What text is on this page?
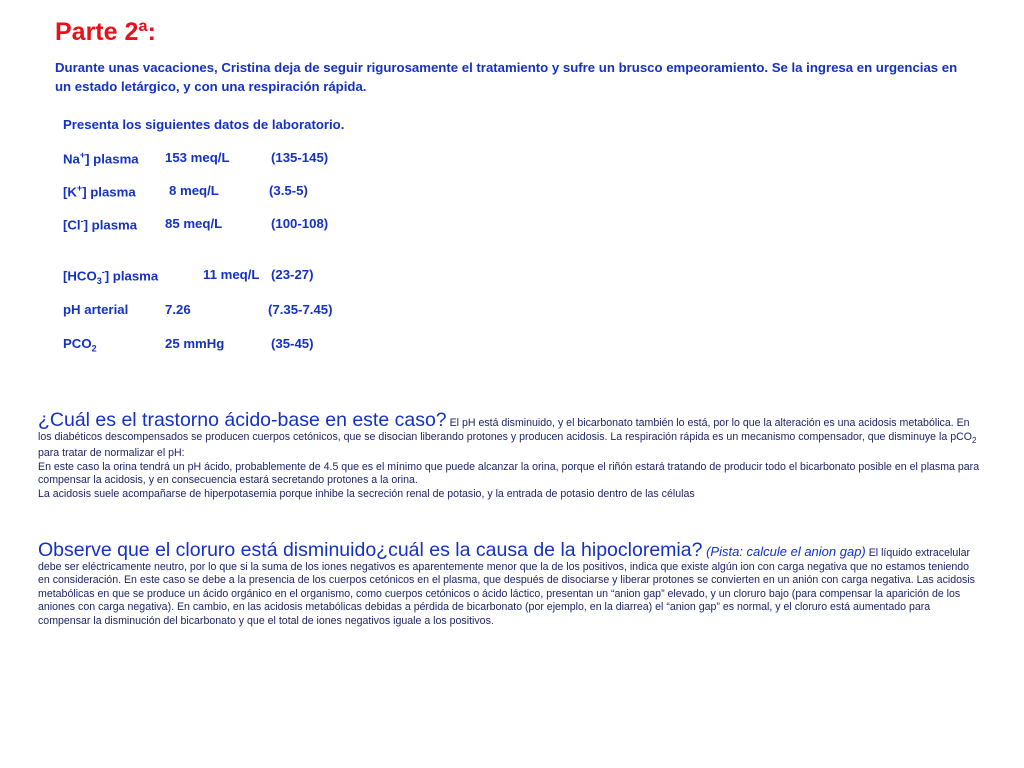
Parte 2ª:
Durante unas vacaciones, Cristina deja de seguir rigurosamente el tratamiento y sufre un brusco empeoramiento. Se la ingresa en urgencias en un estado letárgico, y con una respiración rápida.
Presenta los siguientes datos de laboratorio.
Na+] plasma 153 meq/L	(135-145)
[K+] plasma	8 meq/L	(3.5-5)
[Cl-] plasma 85 meq/L	(100-108)
$[HCO_3^-]$ plasma	11 meq/L (23-27)
pH arterial	7.26	(7.35-7.45)
$PCO_2$	25 mmHg	(35-45)
¿Cuál es el trastorno ácido-base en este caso? El pH está disminuido, y el bicarbonato también lo está, por lo que la alteración es una acidosis metabólica. En los diabéticos descompensados se producen cuerpos cetónicos, que se disocian liberando protones y producen acidosis. La respiración rápida es un mecanismo compensador, que disminuye la pCO$_2$ para tratar de normalizar el pH:
En este caso la orina tendrá un pH ácido, probablemente de 4.5 que es el mínimo que puede alcanzar la orina, porque el riñón estará tratando de producir todo el bicarbonato posible en el plasma para compensar la acidosis, y en consecuencia estará secretando protones a la orina.
La acidosis suele acompañarse de hiperpotasemia porque inhibe la secreción renal de potasio, y la entrada de potasio dentro de las células
Observe que el cloruro está disminuido¿cuál es la causa de la hipocloremia? (Pista: calcule el anion gap) El líquido extracelular debe ser eléctricamente neutro, por lo que si la suma de los iones negativos es aparentemente menor que la de los positivos, indica que existe algún ion con carga negativa que no estamos teniendo en consideración. En este caso se debe a la presencia de los cuerpos cetónicos en el plasma, que después de disociarse y liberar protones se convierten en un anión con carga negativa. Las acidosis metabólicas en que se produce un ácido orgánico en el organismo, como cuerpos cetónicos o ácido láctico, presentan un “anion gap” elevado, y un cloruro bajo (para compensar la aparición de los aniones con carga negativa). En cambio, en las acidosis metabólicas debidas a pérdida de bicarbonato (por ejemplo, en la diarrea) el “anion gap” es normal, y el cloruro está aumentado para compensar la disminución del bicarbonato y que el total de iones negativos iguale a los positivos.
